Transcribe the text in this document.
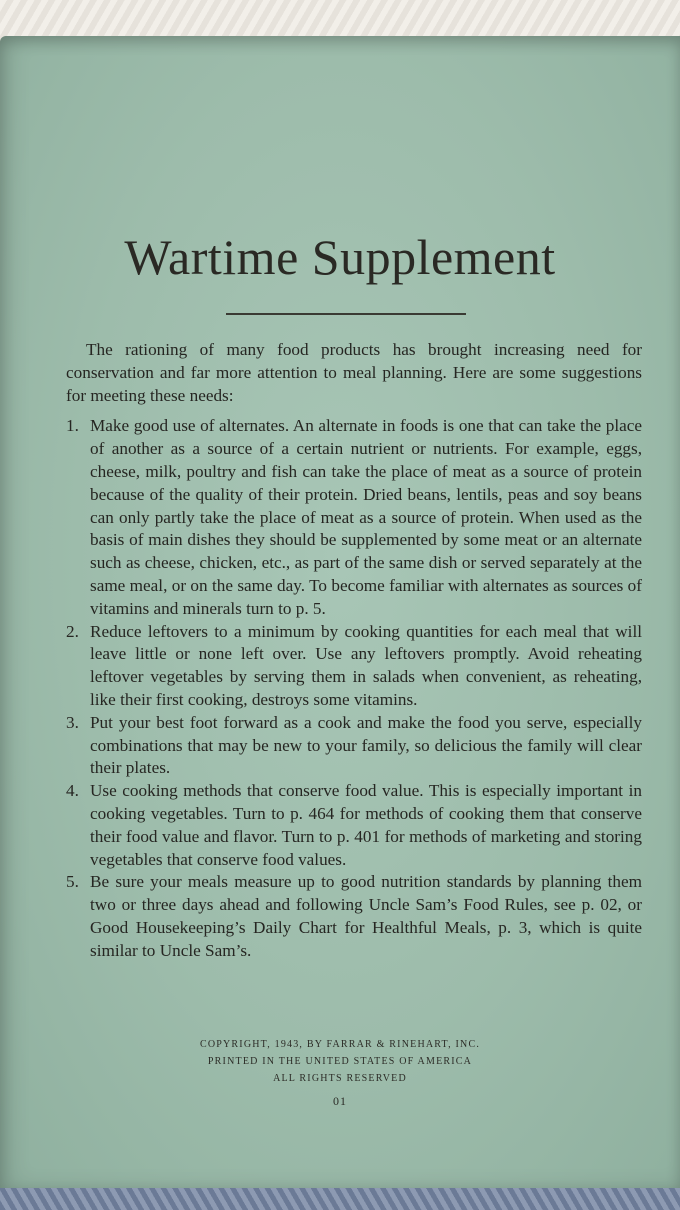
Wartime Supplement

The rationing of many food products has brought increasing need for conservation and far more attention to meal planning. Here are some suggestions for meeting these needs:

1. Make good use of alternates. An alternate in foods is one that can take the place of another as a source of a certain nutrient or nutrients. For example, eggs, cheese, milk, poultry and fish can take the place of meat as a source of protein because of the quality of their protein. Dried beans, lentils, peas and soy beans can only partly take the place of meat as a source of protein. When used as the basis of main dishes they should be supplemented by some meat or an alternate such as cheese, chicken, etc., as part of the same dish or served separately at the same meal, or on the same day. To become familiar with alternates as sources of vitamins and minerals turn to p. 5.
2. Reduce leftovers to a minimum by cooking quantities for each meal that will leave little or none left over. Use any leftovers promptly. Avoid reheating leftover vegetables by serving them in salads when convenient, as reheating, like their first cooking, destroys some vitamins.
3. Put your best foot forward as a cook and make the food you serve, especially combinations that may be new to your family, so delicious the family will clear their plates.
4. Use cooking methods that conserve food value. This is especially important in cooking vegetables. Turn to p. 464 for methods of cooking them that conserve their food value and flavor. Turn to p. 401 for methods of marketing and storing vegetables that conserve food values.
5. Be sure your meals measure up to good nutrition standards by planning them two or three days ahead and following Uncle Sam’s Food Rules, see p. 02, or Good Housekeeping’s Daily Chart for Healthful Meals, p. 3, which is quite similar to Uncle Sam’s.
COPYRIGHT, 1943, BY FARRAR & RINEHART, INC.
PRINTED IN THE UNITED STATES OF AMERICA
ALL RIGHTS RESERVED
01
